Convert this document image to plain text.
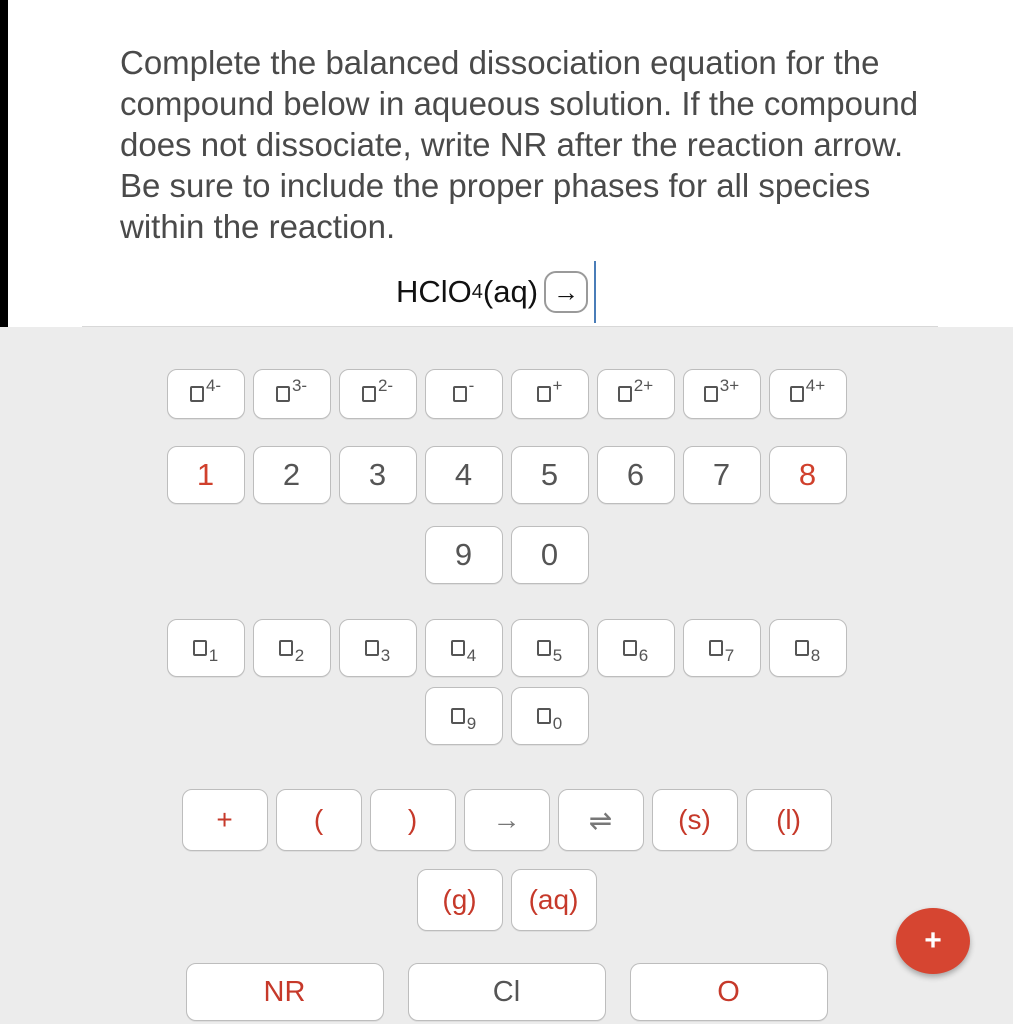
Complete the balanced dissociation equation for the compound below in aqueous solution. If the compound does not dissociate, write NR after the reaction arrow. Be sure to include the proper phases for all species within the reaction.

HClO 4 (aq) →
4-	3-	2-	-	+	2+	3+	4+
1	2	3	4	5	6	7	8
9	0
1	2	3	4	5	6	7	8
9	0
+	(	)	→	⇌	(s)	(l)
(g)	(aq)
NR	Cl	O
+
